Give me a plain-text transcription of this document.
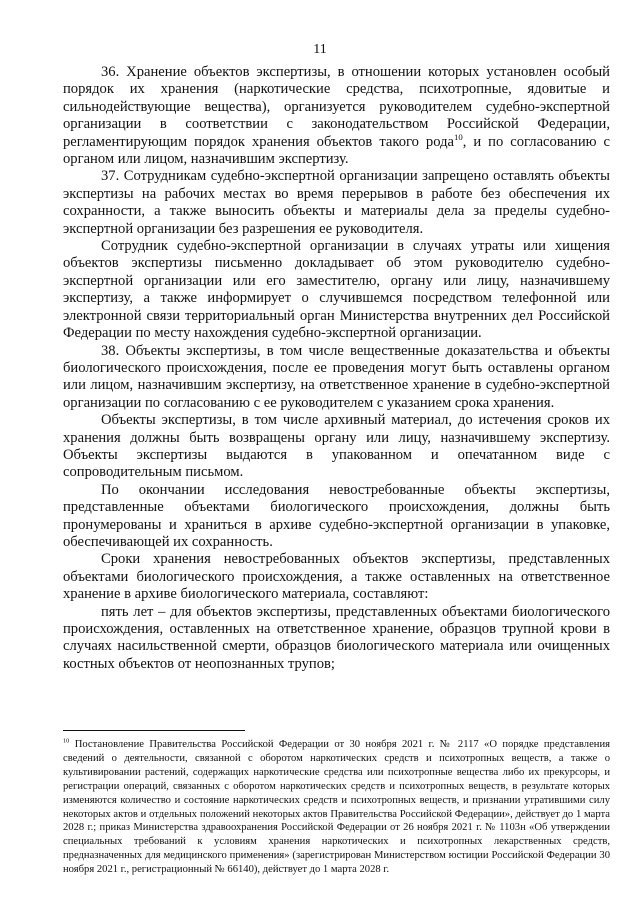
11

36. Хранение объектов экспертизы, в отношении которых установлен особый порядок их хранения (наркотические средства, психотропные, ядовитые и сильнодействующие вещества), организуется руководителем судебно-экспертной организации в соответствии с законодательством Российской Федерации, регламентирующим порядок хранения объектов такого рода$^{10}$, и по согласованию с органом или лицом, назначившим экспертизу.

37. Сотрудникам судебно-экспертной организации запрещено оставлять объекты экспертизы на рабочих местах во время перерывов в работе без обеспечения их сохранности, а также выносить объекты и материалы дела за пределы судебно-экспертной организации без разрешения ее руководителя.

Сотрудник судебно-экспертной организации в случаях утраты или хищения объектов экспертизы письменно докладывает об этом руководителю судебно-экспертной организации или его заместителю, органу или лицу, назначившему экспертизу, а также информирует о случившемся посредством телефонной или электронной связи территориальный орган Министерства внутренних дел Российской Федерации по месту нахождения судебно-экспертной организации.

38. Объекты экспертизы, в том числе вещественные доказательства и объекты биологического происхождения, после ее проведения могут быть оставлены органом или лицом, назначившим экспертизу, на ответственное хранение в судебно-экспертной организации по согласованию с ее руководителем с указанием срока хранения.

Объекты экспертизы, в том числе архивный материал, до истечения сроков их хранения должны быть возвращены органу или лицу, назначившему экспертизу. Объекты экспертизы выдаются в упакованном и опечатанном виде с сопроводительным письмом.

По окончании исследования невостребованные объекты экспертизы, представленные объектами биологического происхождения, должны быть пронумерованы и храниться в архиве судебно-экспертной организации в упаковке, обеспечивающей их сохранность.

Сроки хранения невостребованных объектов экспертизы, представленных объектами биологического происхождения, а также оставленных на ответственное хранение в архиве биологического материала, составляют:

пять лет – для объектов экспертизы, представленных объектами биологического происхождения, оставленных на ответственное хранение, образцов трупной крови в случаях насильственной смерти, образцов биологического материала или очищенных костных объектов от неопознанных трупов;

$^{10}$ Постановление Правительства Российской Федерации от 30 ноября 2021 г. № 2117 «О порядке представления сведений о деятельности, связанной с оборотом наркотических средств и психотропных веществ, а также о культивировании растений, содержащих наркотические средства или психотропные вещества либо их прекурсоры, и регистрации операций, связанных с оборотом наркотических средств и психотропных веществ, в результате которых изменяются количество и состояние наркотических средств и психотропных веществ, и признании утратившими силу некоторых актов и отдельных положений некоторых актов Правительства Российской Федерации», действует до 1 марта 2028 г.; приказ Министерства здравоохранения Российской Федерации от 26 ноября 2021 г. № 1103н «Об утверждении специальных требований к условиям хранения наркотических и психотропных лекарственных средств, предназначенных для медицинского применения» (зарегистрирован Министерством юстиции Российской Федерации 30 ноября 2021 г., регистрационный № 66140), действует до 1 марта 2028 г.
